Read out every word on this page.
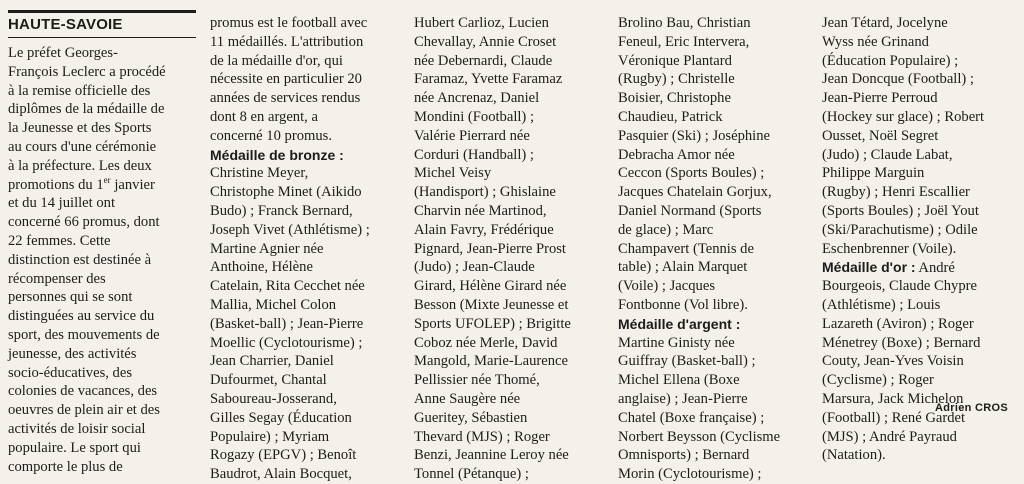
HAUTE-SAVOIE
Le préfet Georges-
François Leclerc a procédé
à la remise officielle des
diplômes de la médaille de
la Jeunesse et des Sports
au cours d'une cérémonie
à la préfecture. Les deux
promotions du 1er janvier
et du 14 juillet ont
concerné 66 promus, dont
22 femmes. Cette
distinction est destinée à
récompenser des
personnes qui se sont
distinguées au service du
sport, des mouvements de
jeunesse, des activités
socio-éducatives, des
colonies de vacances, des
oeuvres de plein air et des
activités de loisir social
populaire. Le sport qui
comporte le plus de
promus est le football avec
11 médaillés. L'attribution
de la médaille d'or, qui
nécessite en particulier 20
années de services rendus
dont 8 en argent, a
concerné 10 promus.
Médaille de bronze :
Christine Meyer,
Christophe Minet (Aikido
Budo) ; Franck Bernard,
Joseph Vivet (Athlétisme) ;
Martine Agnier née
Anthoine, Hélène
Catelain, Rita Cecchet née
Mallia, Michel Colon
(Basket-ball) ; Jean-Pierre
Moellic (Cyclotourisme) ;
Jean Charrier, Daniel
Dufourmet, Chantal
Saboureau-Josserand,
Gilles Segay (Éducation
Populaire) ; Myriam
Rogazy (EPGV) ; Benoît
Baudrot, Alain Bocquet,
Hubert Carlioz, Lucien
Chevallay, Annie Croset
née Debernardi, Claude
Faramaz, Yvette Faramaz
née Ancrenaz, Daniel
Mondini (Football) ;
Valérie Pierrard née
Corduri (Handball) ;
Michel Veisy
(Handisport) ; Ghislaine
Charvin née Martinod,
Alain Favry, Frédérique
Pignard, Jean-Pierre Prost
(Judo) ; Jean-Claude
Girard, Hélène Girard née
Besson (Mixte Jeunesse et
Sports UFOLEP) ; Brigitte
Coboz née Merle, David
Mangold, Marie-Laurence
Pellissier née Thomé,
Anne Saugère née
Gueritey, Sébastien
Thevard (MJS) ; Roger
Benzi, Jeannine Leroy née
Tonnel (Pétanque) ;
Brolino Bau, Christian
Feneul, Eric Intervera,
Véronique Plantard
(Rugby) ; Christelle
Boisier, Christophe
Chaudieu, Patrick
Pasquier (Ski) ; Joséphine
Debracha Amor née
Ceccon (Sports Boules) ;
Jacques Chatelain Gorjux,
Daniel Normand (Sports
de glace) ; Marc
Champavert (Tennis de
table) ; Alain Marquet
(Voile) ; Jacques
Fontbonne (Vol libre).
Médaille d'argent :
Martine Ginisty née
Guiffray (Basket-ball) ;
Michel Ellena (Boxe
anglaise) ; Jean-Pierre
Chatel (Boxe française) ;
Norbert Beysson (Cyclisme
Omnisports) ; Bernard
Morin (Cyclotourisme) ;
Jean Tétard, Jocelyne
Wyss née Grinand
(Éducation Populaire) ;
Jean Doncque (Football) ;
Jean-Pierre Perroud
(Hockey sur glace) ; Robert
Ousset, Noël Segret
(Judo) ; Claude Labat,
Philippe Marguin
(Rugby) ; Henri Escallier
(Sports Boules) ; Joël Yout
(Ski/Parachutisme) ; Odile
Eschenbrenner (Voile).
Médaille d'or : André
Bourgeois, Claude Chypre
(Athlétisme) ; Louis
Lazareth (Aviron) ; Roger
Ménetrey (Boxe) ; Bernard
Couty, Jean-Yves Voisin
(Cyclisme) ; Roger
Marsura, Jack Michelon
(Football) ; René Gardet
(MJS) ; André Payraud
(Natation).
Adrien CROS
